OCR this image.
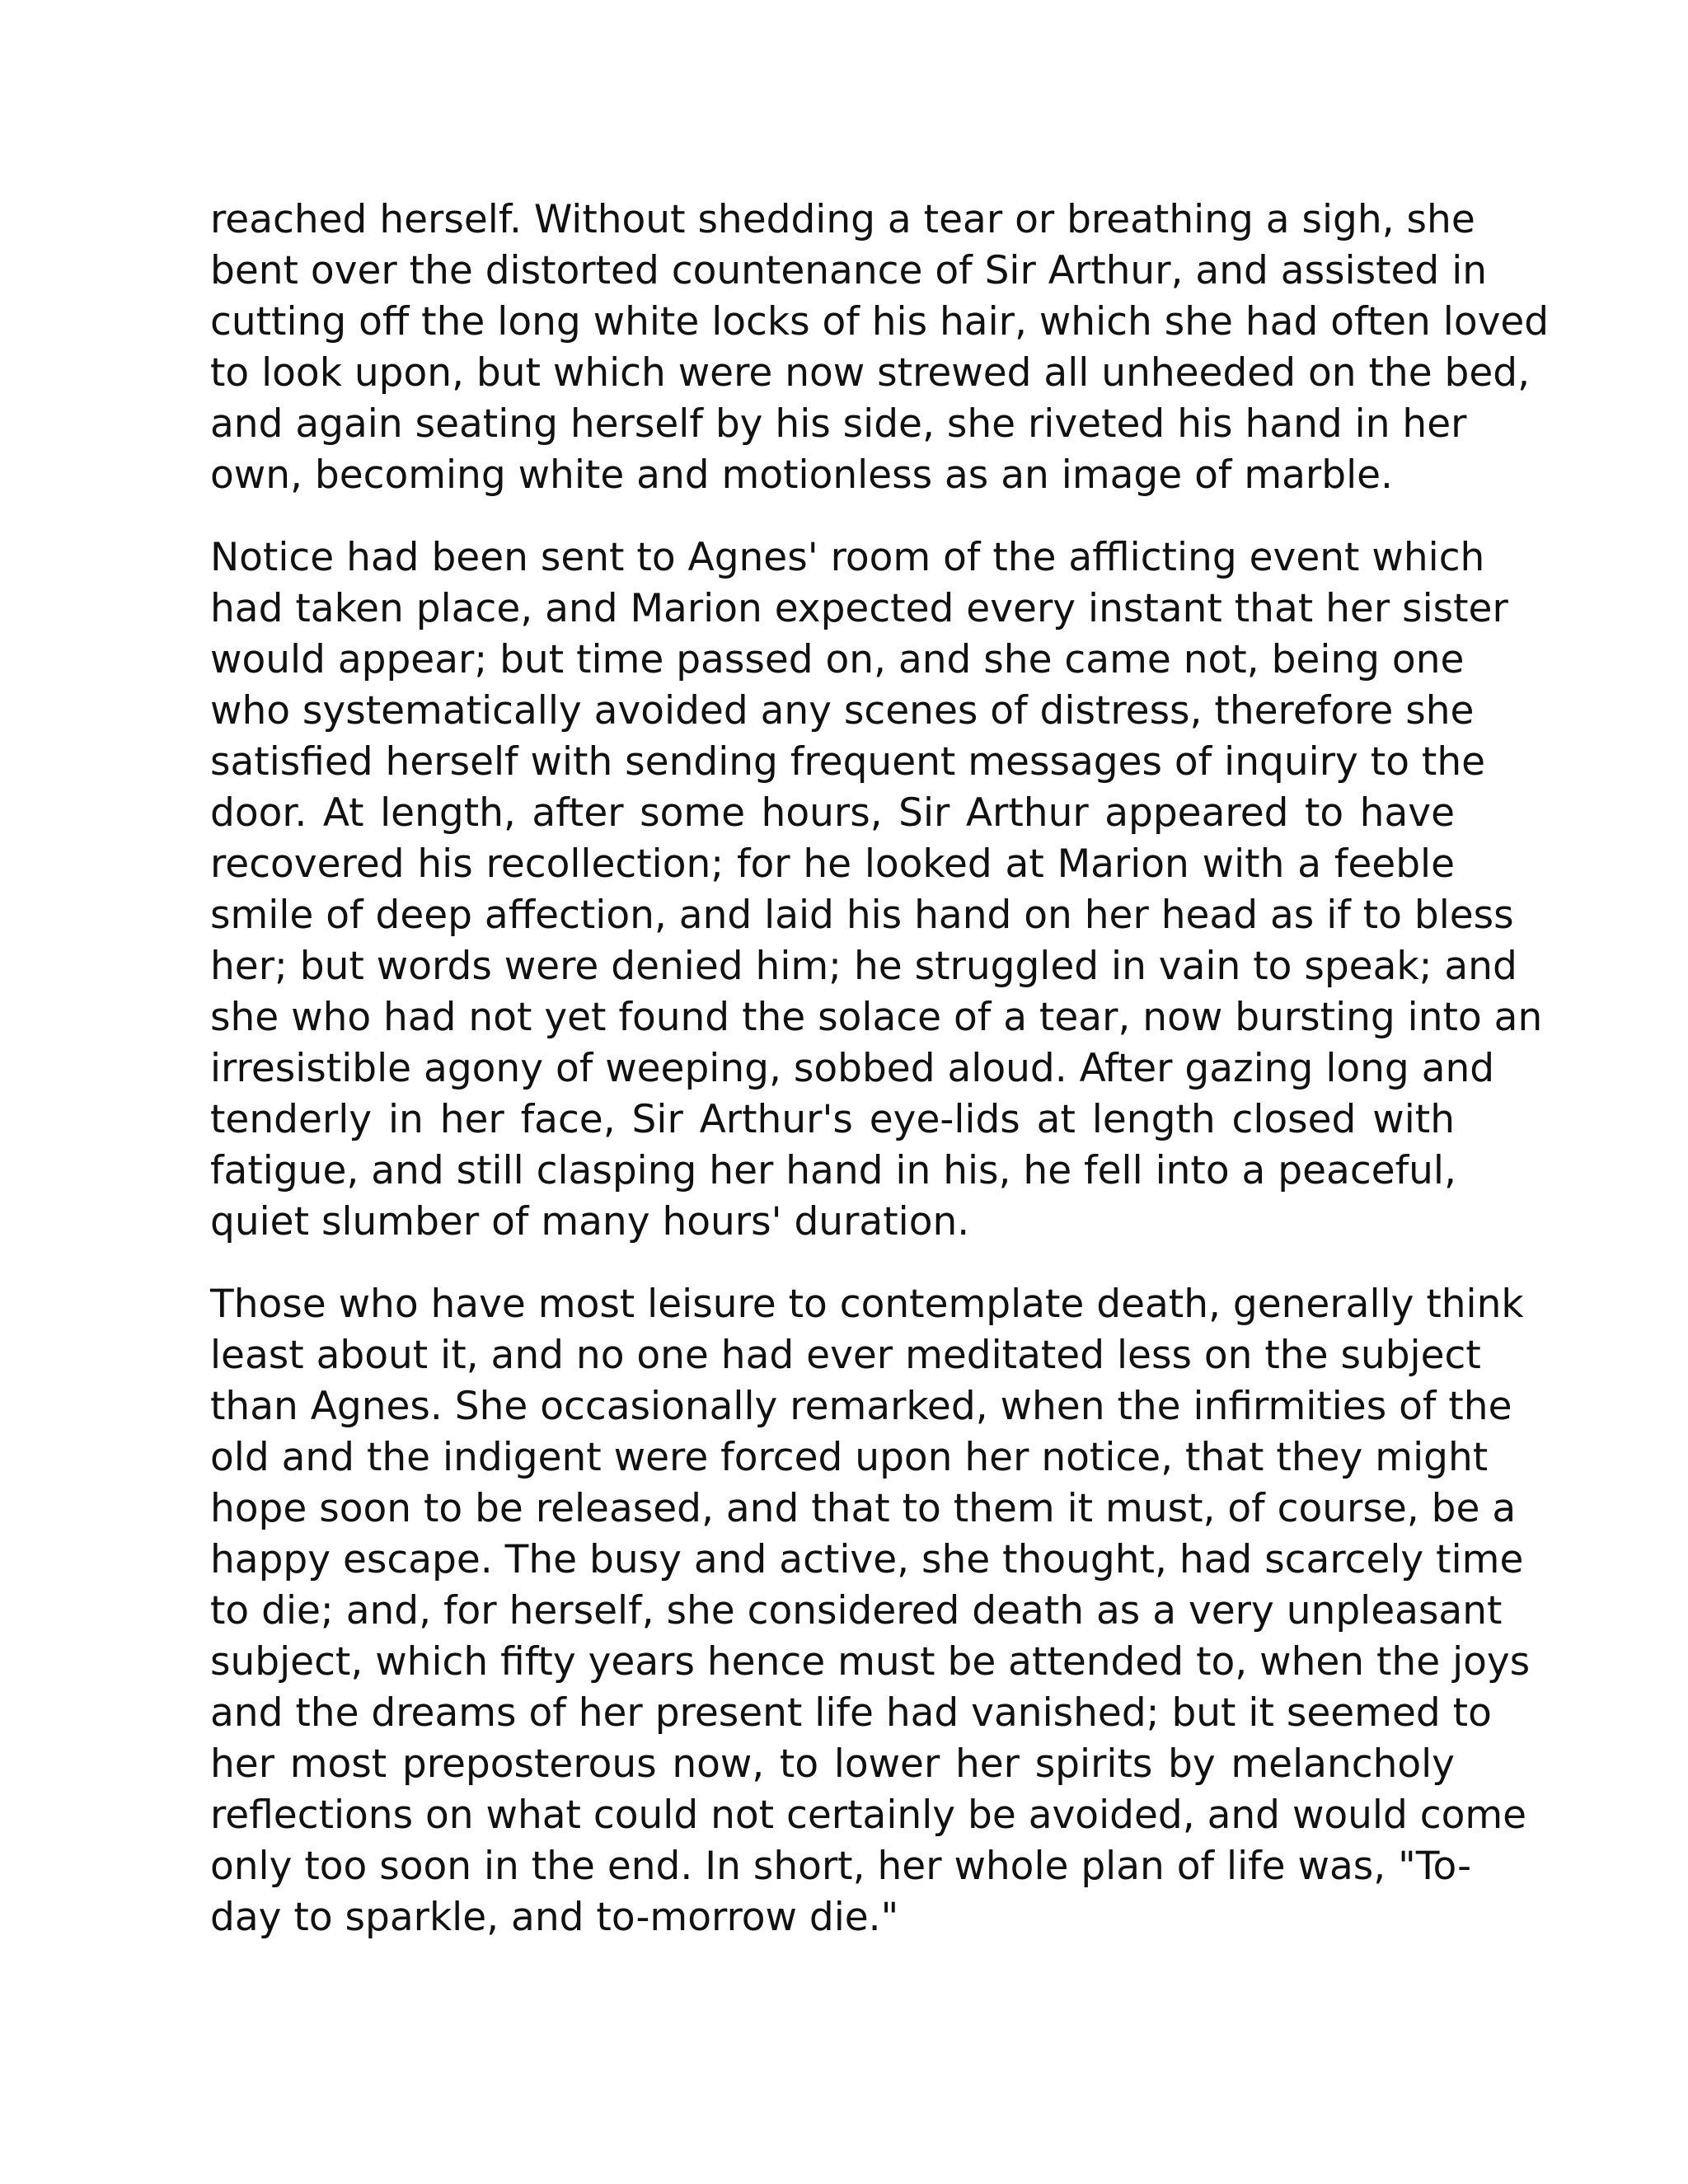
reached herself. Without shedding a tear or breathing a sigh, she
bent over the distorted countenance of Sir Arthur, and assisted in
cutting off the long white locks of his hair, which she had often loved
to look upon, but which were now strewed all unheeded on the bed,
and again seating herself by his side, she riveted his hand in her
own, becoming white and motionless as an image of marble.
Notice had been sent to Agnes' room of the afflicting event which
had taken place, and Marion expected every instant that her sister
would appear; but time passed on, and she came not, being one
who systematically avoided any scenes of distress, therefore she
satisfied herself with sending frequent messages of inquiry to the
door. At length, after some hours, Sir Arthur appeared to have
recovered his recollection; for he looked at Marion with a feeble
smile of deep affection, and laid his hand on her head as if to bless
her; but words were denied him; he struggled in vain to speak; and
she who had not yet found the solace of a tear, now bursting into an
irresistible agony of weeping, sobbed aloud. After gazing long and
tenderly in her face, Sir Arthur's eye-lids at length closed with
fatigue, and still clasping her hand in his, he fell into a peaceful,
quiet slumber of many hours' duration.
Those who have most leisure to contemplate death, generally think
least about it, and no one had ever meditated less on the subject
than Agnes. She occasionally remarked, when the infirmities of the
old and the indigent were forced upon her notice, that they might
hope soon to be released, and that to them it must, of course, be a
happy escape. The busy and active, she thought, had scarcely time
to die; and, for herself, she considered death as a very unpleasant
subject, which fifty years hence must be attended to, when the joys
and the dreams of her present life had vanished; but it seemed to
her most preposterous now, to lower her spirits by melancholy
reflections on what could not certainly be avoided, and would come
only too soon in the end. In short, her whole plan of life was, "To-
day to sparkle, and to-morrow die."
